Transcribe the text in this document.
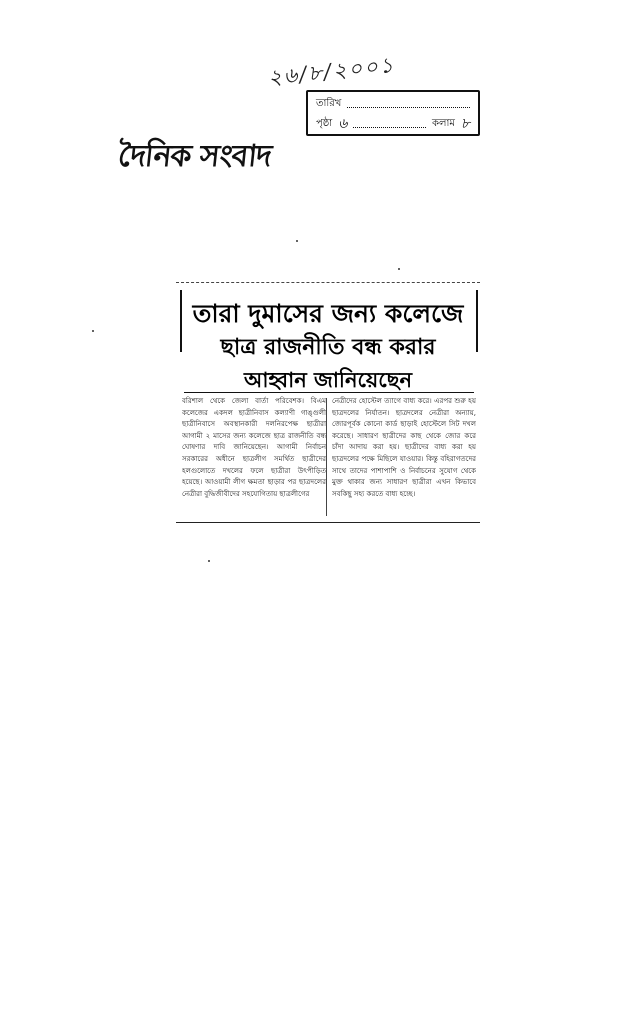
২৬/৮/২০০১
তারিখ
পৃষ্ঠা ৬	কলাম ৮
দৈনিক সংবাদ
তারা দুমাসের জন্য কলেজে
ছাত্র রাজনীতি বন্ধ করার
আহ্বান জানিয়েছেন
বরিশাল থেকে জেলা বার্তা পরিবেশক। বিএম কলেজের একদল ছাত্রীনিবাস কল্যাণী গাঙ্গুলী ছাত্রীনিবাসে অবস্থানকারী দলনিরপেক্ষ ছাত্রীরা আগামী ২ মাসের জন্য কলেজে ছাত্র রাজনীতি বন্ধ ঘোষণার দাবি জানিয়েছেন। আগামী নির্বাচন সরকারের অধীনে ছাত্রলীগ সমর্থিত ছাত্রীদের হলগুলোতে দখলের ফলে ছাত্রীরা উৎপীড়িত হয়েছে। আওয়ামী লীগ ক্ষমতা ছাড়ার পর ছাত্রদলের নেত্রীরা বুদ্ধিজীবীদের সহযোগিতায় ছাত্রলীগের
নেত্রীদের হোস্টেল ত্যাগে বাধ্য করে। এরপর শুরু হয় ছাত্রদলের নির্যাতন। ছাত্রদলের নেত্রীরা অন্যায়, জোরপূর্বক কোনো কার্ড ছাড়াই হোস্টেলে সিট দখল করেছে। সাধারণ ছাত্রীদের কাছ থেকে জোর করে চাঁদা আদায় করা হয়। ছাত্রীদের বাধ্য করা হয় ছাত্রদলের পক্ষে মিছিলে যাওয়ার। কিন্তু বহিরাগতদের সাথে তাদের পাশাপাশি ও নির্বাচনের সুযোগ থেকে মুক্ত থাকার জন্য সাধারণ ছাত্রীরা এখন কিভাবে সবকিছু সহ্য করতে বাধ্য হচ্ছে।
